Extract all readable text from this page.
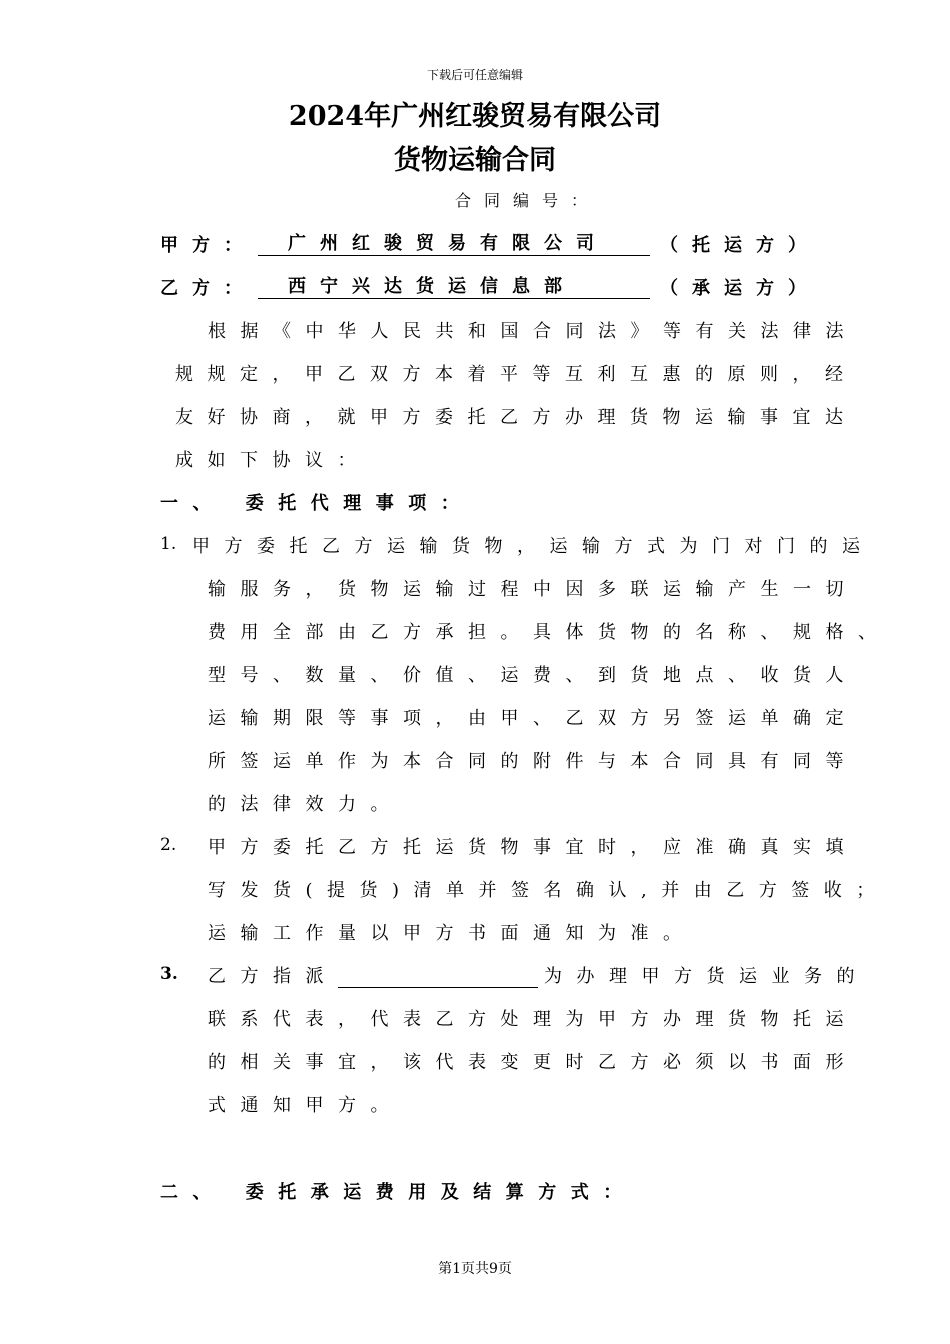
下载后可任意编辑
2024年广州红骏贸易有限公司
货物运输合同
合同编号：
甲方：	广州红骏贸易有限公司	（托运方）
乙方：	西宁兴达货运信息部	（承运方）
根据《中华人民共和国合同法》等有关法律法
规规定，甲乙双方本着平等互利互惠的原则，经
友好协商，就甲方委托乙方办理货物运输事宜达
成如下协议：
一、 委托代理事项：
1. 甲方委托乙方运输货物，运输方式为门对门的运
输服务，货物运输过程中因多联运输产生一切
费用全部由乙方承担。具体货物的名称、规格、
型号、数量、价值、运费、到货地点、收货人
运输期限等事项，由甲、乙双方另签运单确定
所签运单作为本合同的附件与本合同具有同等
的法律效力。
2. 甲方委托乙方托运货物事宜时，应准确真实填
写发货(提货)清单并签名确认,并由乙方签收；
运输工作量以甲方书面通知为准。
3. 乙方指派	为办理甲方货运业务的
联系代表，代表乙方处理为甲方办理货物托运
的相关事宜，该代表变更时乙方必须以书面形
式通知甲方。
二、 委托承运费用及结算方式：
第1页共9页
